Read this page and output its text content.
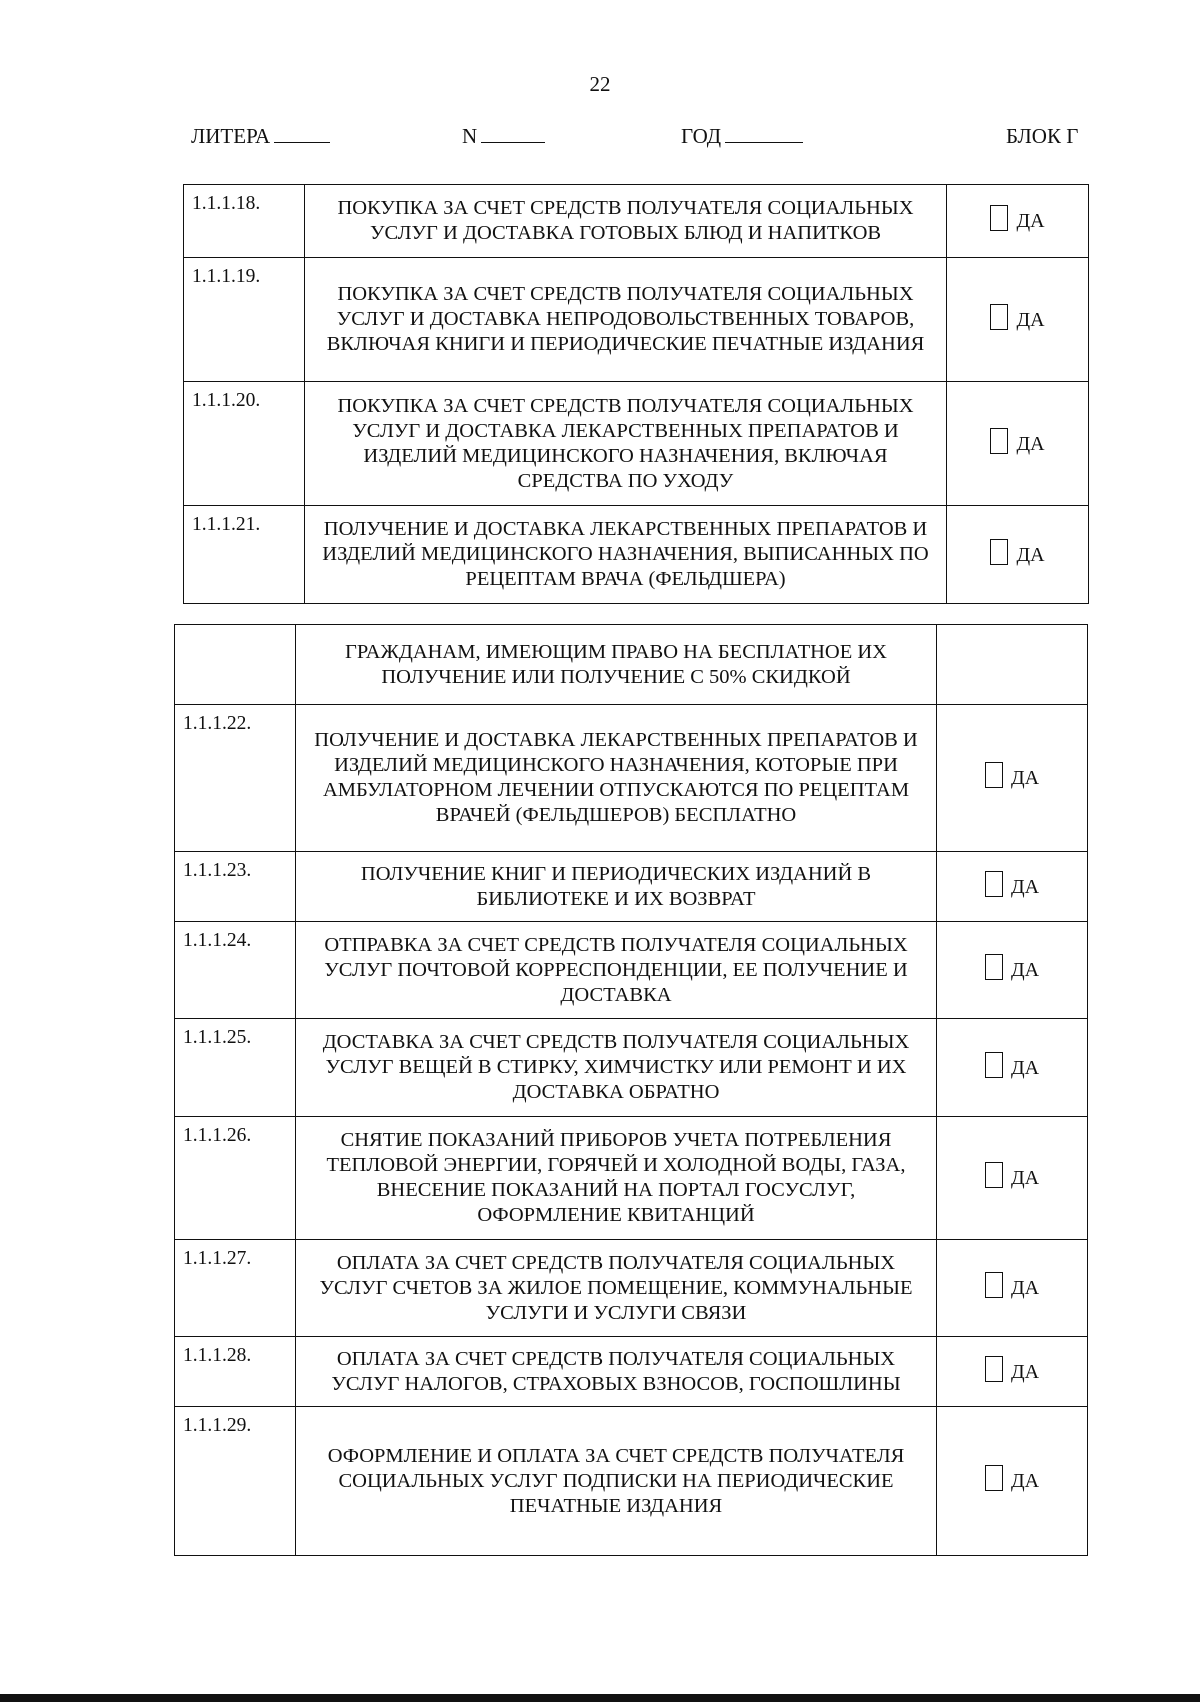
22
ЛИТЕРА	N	ГОД	БЛОК Г
1.1.1.18.	ПОКУПКА ЗА СЧЕТ СРЕДСТВ ПОЛУЧАТЕЛЯ СОЦИАЛЬНЫХ УСЛУГ И ДОСТАВКА ГОТОВЫХ БЛЮД И НАПИТКОВ	ДА

1.1.1.19.	ПОКУПКА ЗА СЧЕТ СРЕДСТВ ПОЛУЧАТЕЛЯ СОЦИАЛЬНЫХ УСЛУГ И ДОСТАВКА НЕПРОДОВОЛЬСТВЕННЫХ ТОВАРОВ, ВКЛЮЧАЯ КНИГИ И ПЕРИОДИЧЕСКИЕ ПЕЧАТНЫЕ ИЗДАНИЯ	ДА

1.1.1.20.	ПОКУПКА ЗА СЧЕТ СРЕДСТВ ПОЛУЧАТЕЛЯ СОЦИАЛЬНЫХ УСЛУГ И ДОСТАВКА ЛЕКАРСТВЕННЫХ ПРЕПАРАТОВ И ИЗДЕЛИЙ МЕДИЦИНСКОГО НАЗНАЧЕНИЯ, ВКЛЮЧАЯ СРЕДСТВА ПО УХОДУ	ДА

1.1.1.21.	ПОЛУЧЕНИЕ И ДОСТАВКА ЛЕКАРСТВЕННЫХ ПРЕПАРАТОВ И ИЗДЕЛИЙ МЕДИЦИНСКОГО НАЗНАЧЕНИЯ, ВЫПИСАННЫХ ПО РЕЦЕПТАМ ВРАЧА (ФЕЛЬДШЕРА)	ДА
	ГРАЖДАНАМ, ИМЕЮЩИМ ПРАВО НА БЕСПЛАТНОЕ ИХ ПОЛУЧЕНИЕ ИЛИ ПОЛУЧЕНИЕ С 50% СКИДКОЙ	
1.1.1.22.	ПОЛУЧЕНИЕ И ДОСТАВКА ЛЕКАРСТВЕННЫХ ПРЕПАРАТОВ И ИЗДЕЛИЙ МЕДИЦИНСКОГО НАЗНАЧЕНИЯ, КОТОРЫЕ ПРИ АМБУЛАТОРНОМ ЛЕЧЕНИИ ОТПУСКАЮТСЯ ПО РЕЦЕПТАМ ВРАЧЕЙ (ФЕЛЬДШЕРОВ) БЕСПЛАТНО	ДА

1.1.1.23.	ПОЛУЧЕНИЕ КНИГ И ПЕРИОДИЧЕСКИХ ИЗДАНИЙ В БИБЛИОТЕКЕ И ИХ ВОЗВРАТ	ДА

1.1.1.24.	ОТПРАВКА ЗА СЧЕТ СРЕДСТВ ПОЛУЧАТЕЛЯ СОЦИАЛЬНЫХ УСЛУГ ПОЧТОВОЙ КОРРЕСПОНДЕНЦИИ, ЕЕ ПОЛУЧЕНИЕ И ДОСТАВКА	ДА

1.1.1.25.	ДОСТАВКА ЗА СЧЕТ СРЕДСТВ ПОЛУЧАТЕЛЯ СОЦИАЛЬНЫХ УСЛУГ ВЕЩЕЙ В СТИРКУ, ХИМЧИСТКУ ИЛИ РЕМОНТ И ИХ ДОСТАВКА ОБРАТНО	ДА

1.1.1.26.	СНЯТИЕ ПОКАЗАНИЙ ПРИБОРОВ УЧЕТА ПОТРЕБЛЕНИЯ ТЕПЛОВОЙ ЭНЕРГИИ, ГОРЯЧЕЙ И ХОЛОДНОЙ ВОДЫ, ГАЗА, ВНЕСЕНИЕ ПОКАЗАНИЙ НА ПОРТАЛ ГОСУСЛУГ, ОФОРМЛЕНИЕ КВИТАНЦИЙ	ДА

1.1.1.27.	ОПЛАТА ЗА СЧЕТ СРЕДСТВ ПОЛУЧАТЕЛЯ СОЦИАЛЬНЫХ УСЛУГ СЧЕТОВ ЗА ЖИЛОЕ ПОМЕЩЕНИЕ, КОММУНАЛЬНЫЕ УСЛУГИ И УСЛУГИ СВЯЗИ	ДА

1.1.1.28.	ОПЛАТА ЗА СЧЕТ СРЕДСТВ ПОЛУЧАТЕЛЯ СОЦИАЛЬНЫХ УСЛУГ НАЛОГОВ, СТРАХОВЫХ ВЗНОСОВ, ГОСПОШЛИНЫ	ДА

1.1.1.29.	ОФОРМЛЕНИЕ И ОПЛАТА ЗА СЧЕТ СРЕДСТВ ПОЛУЧАТЕЛЯ СОЦИАЛЬНЫХ УСЛУГ ПОДПИСКИ НА ПЕРИОДИЧЕСКИЕ ПЕЧАТНЫЕ ИЗДАНИЯ	ДА
